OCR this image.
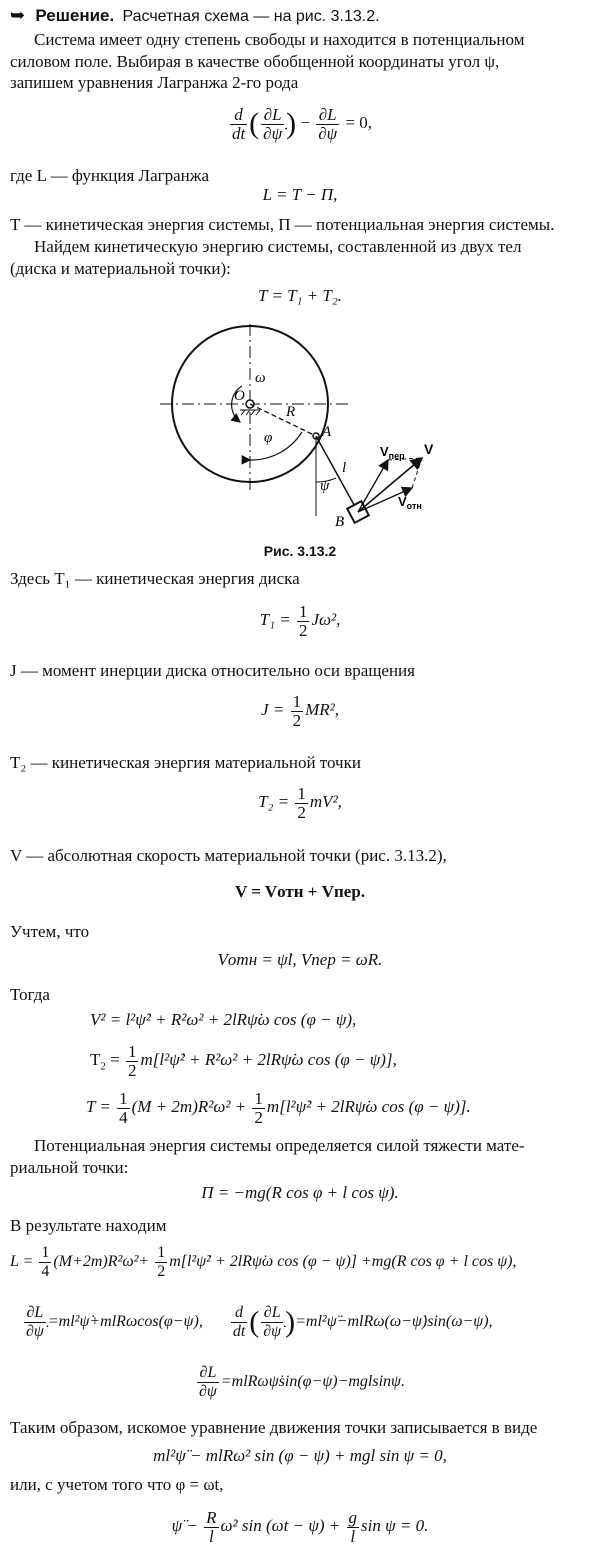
➥ Решение. Расчетная схема — на рис. 3.13.2.
Система имеет одну степень свободы и находится в потенциальном
силовом поле. Выбирая в качестве обобщенной координаты угол ψ,
запишем уравнения Лагранжа 2-го рода
$\frac{d}{dt}$ ( $\frac{\partial L}{\partial\psi̇}$ ) − $\frac{\partial L}{\partial\psi} = 0$,
где L — функция Лагранжа
L = T − Π,
T — кинетическая энергия системы, Π — потенциальная энергия системы.
Найдем кинетическую энергию системы, составленной из двух тел
(диска и материальной точки):
T = T₁ + T₂.
O
ω
R
φ	A
l
ψ
B
V
$V_{пер}$
$V_{отн}$
Рис. 3.13.2
Здесь T₁ — кинетическая энергия диска
$T_1 = \frac{1}{2} J\omega^2$,
J — момент инерции диска относительно оси вращения
$J = \frac{1}{2} MR^2$,
T₂ — кинетическая энергия материальной точки
$T_2 = \frac{1}{2} mV^2$,
V — абсолютная скорость материальной точки (рис. 3.13.2),
V = Vотн + Vпер.
Учтем, что
Vотн = ψ̇l, Vпер = ωR.
Тогда
V² = l²ψ̇² + R²ω² + 2lRψ̇ω cos (φ − ψ),
$T_2 = \frac{1}{2}$ m[l²ψ̇² + R²ω² + 2lRψ̇ω cos (φ − ψ)],
$T = \frac{1}{4} (M + 2m)R^2\omega^2 + \frac{1}{2}$ m[l²ψ̇² + 2lRψ̇ω cos (φ − ψ)].
Потенциальная энергия системы определяется силой тяжести мате-
риальной точки:
Π = −mg(R cos φ + l cos ψ).
В результате находим
$L = \frac{1}{4} (M+2m)R^2\omega^2+ \frac{1}{2}$ m[l²ψ̇² + 2lRψ̇ω cos (φ − ψ)] +mg(R cos φ + l cos ψ),
$\frac{\partial L}{\partial\psi̇}$ =ml²ψ̇+mlRωcos(φ−ψ), $\frac{d}{dt}$ ( $\frac{\partial L}{\partial\psi̇}$ )=ml²ψ̈−mlRω(ω−ψ̇)sin(ω−ψ),
$\frac{\partial L}{\partial\psi}$ =mlRωψ̇sin(φ−ψ)−mglsinψ.
Таким образом, искомое уравнение движения точки записывается в виде
ml²ψ̈ − mlRω² sin (φ − ψ) + mgl sin ψ = 0,
или, с учетом того что φ = ωt,
ψ̈ − $\frac{R}{l} \omega^2$ $\sin (\omega t - \psi) + \frac{g}{l}$ sin ψ = 0.
